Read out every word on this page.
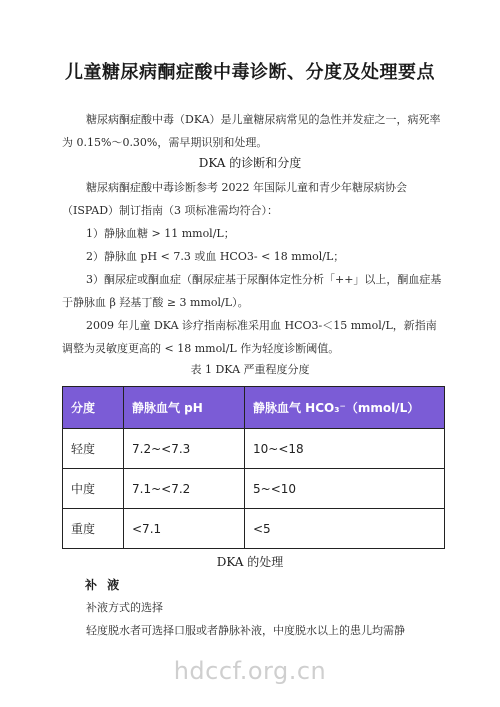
儿童糖尿病酮症酸中毒诊断、分度及处理要点

糖尿病酮症酸中毒（DKA）是儿童糖尿病常见的急性并发症之一，病死率为 0.15%～0.30%，需早期识别和处理。

DKA 的诊断和分度

糖尿病酮症酸中毒诊断参考 2022 年国际儿童和青少年糖尿病协会（ISPAD）制订指南（3 项标准需均符合）：

1）静脉血糖 > 11 mmol/L；

2）静脉血 pH < 7.3 或血 HCO3- < 18 mmol/L；

3）酮尿症或酮血症（酮尿症基于尿酮体定性分析「++」以上，酮血症基于静脉血 β 羟基丁酸 ≥ 3 mmol/L）。

2009 年儿童 DKA 诊疗指南标准采用血 HCO3-＜15 mmol/L，新指南调整为灵敏度更高的 < 18 mmol/L 作为轻度诊断阈值。

表 1 DKA 严重程度分度
分度	静脉血气 pH	静脉血气 HCO₃⁻（mmol/L）
轻度	7.2~<7.3	10~<18
中度	7.1~<7.2	5~<10
重度	<7.1	<5
DKA 的处理
补 液

补液方式的选择

轻度脱水者可选择口服或者静脉补液，中度脱水以上的患儿均需静

hdccf.org.cn
